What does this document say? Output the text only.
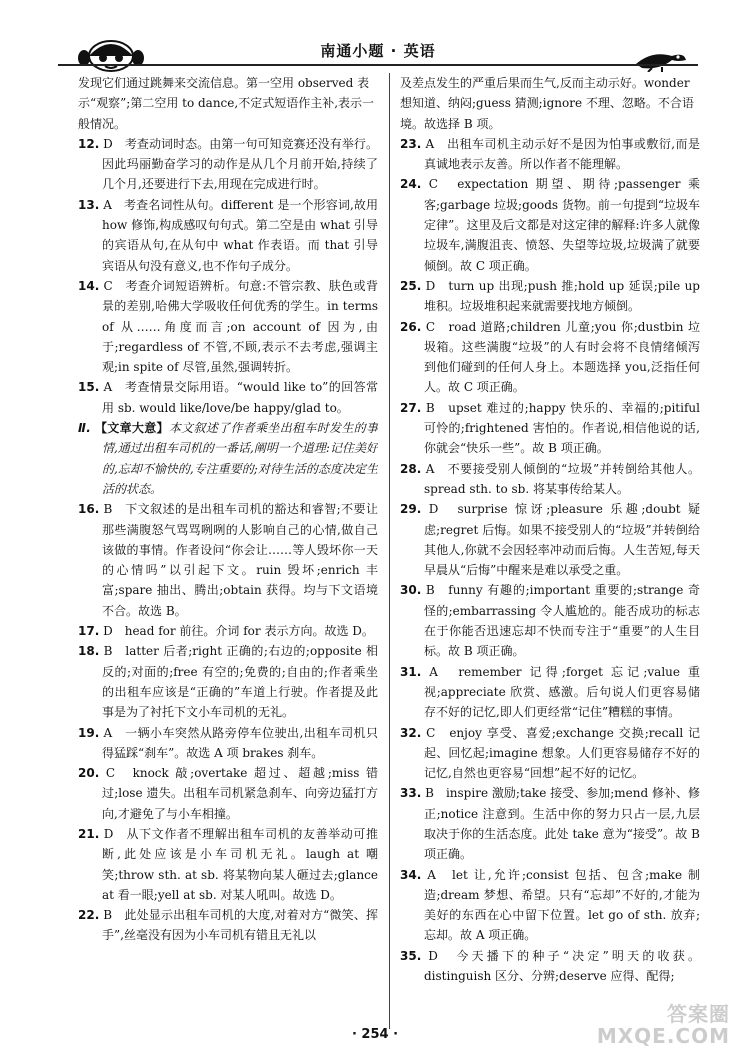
南通小题 · 英语

发现它们通过跳舞来交流信息。第一空用 observed 表示“观察”;第二空用 to dance,不定式短语作主补,表示一般情况。

12. D　考查动词时态。由第一句可知竞赛还没有举行。因此玛丽勤奋学习的动作是从几个月前开始,持续了几个月,还要进行下去,用现在完成进行时。

13. A　考查名词性从句。different 是一个形容词,故用 how 修饰,构成感叹句句式。第二空是由 what 引导的宾语从句,在从句中 what 作表语。而 that 引导宾语从句没有意义,也不作句子成分。

14. C　考查介词短语辨析。句意:不管宗教、肤色或背景的差别,哈佛大学吸收任何优秀的学生。in terms of 从……角度而言;on account of 因为,由于;regardless of 不管,不顾,表示不去考虑,强调主观;in spite of 尽管,虽然,强调转折。

15. A　考查情景交际用语。“would like to”的回答常用 sb. would like/love/be happy/glad to。

Ⅱ. 【文章大意】本文叙述了作者乘坐出租车时发生的事情,通过出租车司机的一番话,阐明一个道理:记住美好的,忘却不愉快的,专注重要的;对待生活的态度决定生活的状态。

16. B　下文叙述的是出租车司机的豁达和睿智;不要让那些满腹怒气骂骂咧咧的人影响自己的心情,做自己该做的事情。作者设问“你会让……等人毁坏你一天的心情吗”以引起下文。ruin 毁坏;enrich 丰富;spare 抽出、腾出;obtain 获得。均与下文语境不合。故选 B。

17. D　head for 前往。介词 for 表示方向。故选 D。

18. B　latter 后者;right 正确的;右边的;opposite 相反的;对面的;free 有空的;免费的;自由的;作者乘坐的出租车应该是“正确的”车道上行驶。作者提及此事是为了衬托下文小车司机的无礼。

19. A　一辆小车突然从路旁停车位驶出,出租车司机只得猛踩“刹车”。故选 A 项 brakes 刹车。

20. C　knock 敲;overtake 超过、超越;miss 错过;lose 遗失。出租车司机紧急刹车、向旁边猛打方向,才避免了与小车相撞。

21. D　从下文作者不理解出租车司机的友善举动可推断,此处应该是小车司机无礼。laugh at 嘲笑;throw sth. at sb. 将某物向某人砸过去;glance at 看一眼;yell at sb. 对某人吼叫。故选 D。

22. B　此处显示出租车司机的大度,对着对方“微笑、挥手”,丝毫没有因为小车司机有错且无礼以

及差点发生的严重后果而生气,反而主动示好。wonder 想知道、纳闷;guess 猜测;ignore 不理、忽略。不合语境。故选择 B 项。

23. A　出租车司机主动示好不是因为怕事或敷衍,而是真诚地表示友善。所以作者不能理解。

24. C　expectation 期望、期待;passenger 乘客;garbage 垃圾;goods 货物。前一句提到“垃圾车定律”。这里及后文都是对这定律的解释:许多人就像垃圾车,满腹沮丧、愤怒、失望等垃圾,垃圾满了就要倾倒。故 C 项正确。

25. D　turn up 出现;push 推;hold up 延误;pile up 堆积。垃圾堆积起来就需要找地方倾倒。

26. C　road 道路;children 儿童;you 你;dustbin 垃圾箱。这些满腹“垃圾”的人有时会将不良情绪倾泻到他们碰到的任何人身上。本题选择 you,泛指任何人。故 C 项正确。

27. B　upset 难过的;happy 快乐的、幸福的;pitiful 可怜的;frightened 害怕的。作者说,相信他说的话,你就会“快乐一些”。故 B 项正确。

28. A　不要接受别人倾倒的“垃圾”并转倒给其他人。spread sth. to sb. 将某事传给某人。

29. D　surprise 惊讶;pleasure 乐趣;doubt 疑虑;regret 后悔。如果不接受别人的“垃圾”并转倒给其他人,你就不会因轻率冲动而后悔。人生苦短,每天早晨从“后悔”中醒来是难以承受之重。

30. B　funny 有趣的;important 重要的;strange 奇怪的;embarrassing 令人尴尬的。能否成功的标志在于你能否迅速忘却不快而专注于“重要”的人生目标。故 B 项正确。

31. A　remember 记得;forget 忘记;value 重视;appreciate 欣赏、感激。后句说人们更容易储存不好的记忆,即人们更经常“记住”糟糕的事情。

32. C　enjoy 享受、喜爱;exchange 交换;recall 记起、回忆起;imagine 想象。人们更容易储存不好的记忆,自然也更容易“回想”起不好的记忆。

33. B　inspire 激励;take 接受、参加;mend 修补、修正;notice 注意到。生活中你的努力只占一层,九层取决于你的生活态度。此处 take 意为“接受”。故 B 项正确。

34. A　let 让,允许;consist 包括、包含;make 制造;dream 梦想、希望。只有“忘却”不好的,才能为美好的东西在心中留下位置。let go of sth. 放弃;忘却。故 A 项正确。

35. D　今天播下的种子“决定”明天的收获。distinguish 区分、分辨;deserve 应得、配得;

· 254 ·
答案圈
MXQE.COM
